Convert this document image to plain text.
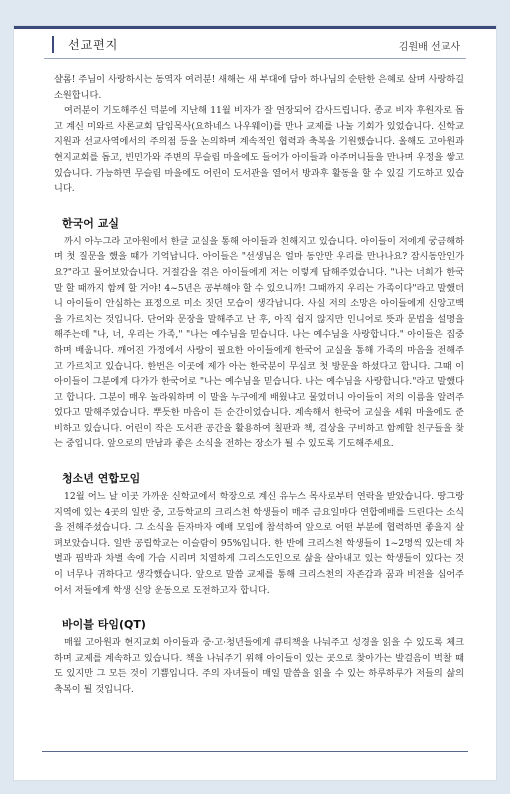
선교편지	김원배 선교사

샬롬! 주님이 사랑하시는 동역자 여러분! 새해는 새 부대에 담아 하나님의 순탄한 은혜로 살며 사랑하길 소원합니다.

여러분이 기도해주신 덕분에 지난해 11월 비자가 잘 연장되어 감사드립니다. 종교 비자 후원자로 돕고 계신 미와르 사론교회 담임목사(요하네스 나우웨이)를 만나 교제를 나눌 기회가 있었습니다. 신학교 지원과 선교사역에서의 주의점 등을 논의하며 계속적인 협력과 축복을 기원했습니다. 올해도 고아원과 현지교회를 돕고, 빈민가와 주변의 무슬림 마을에도 들어가 아이들과 아주머니들을 만나며 우정을 쌓고 있습니다. 가능하면 무슬림 마을에도 어린이 도서관을 열어서 방과후 활동을 할 수 있길 기도하고 있습니다.

한국어 교실

까시 아누그라 고아원에서 한글 교실을 통해 아이들과 친해지고 있습니다. 아이들이 저에게 궁금해하며 첫 질문을 했을 때가 기억납니다. 아이들은 "선생님은 얼마 동안만 우리를 만나나요? 잠시동안인가요?"라고 물어보았습니다. 거절감을 겪은 아이들에게 저는 이렇게 답해주었습니다. "나는 너희가 한국말 할 때까지 함께 할 거야! 4~5년은 공부해야 할 수 있으니까! 그때까지 우리는 가족이다"라고 말했더니 아이들이 안심하는 표정으로 미소 짓던 모습이 생각납니다. 사실 저의 소망은 아이들에게 신앙고백을 가르치는 것입니다. 단어와 문장을 말해주고 난 후, 아직 쉽지 않지만 인니어로 뜻과 문법을 설명을 해주는데 "나, 너, 우리는 가족," "나는 예수님을 믿습니다. 나는 예수님을 사랑합니다." 아이들은 집중하며 배웁니다. 깨어진 가정에서 사랑이 필요한 아이들에게 한국어 교실을 통해 가족의 마음을 전해주고 가르치고 있습니다. 한번은 이곳에 제가 아는 한국분이 무심코 첫 방문을 하셨다고 합니다. 그때 이 아이들이 그분에게 다가가 한국어로 "나는 예수님을 믿습니다. 나는 예수님을 사랑합니다."라고 말했다고 합니다. 그분이 매우 놀라워하며 이 말을 누구에게 배웠냐고 물었더니 아이들이 저의 이름을 알려주었다고 말해주었습니다. 뿌듯한 마음이 든 순간이었습니다. 계속해서 한국어 교실을 세워 마을에도 준비하고 있습니다. 어린이 작은 도서관 공간을 활용하여 칠판과 책, 걸상을 구비하고 함께할 친구들을 찾는 중입니다. 앞으로의 만남과 좋은 소식을 전하는 장소가 될 수 있도록 기도해주세요.

청소년 연합모임

12월 어느 날 이곳 가까운 신학교에서 학장으로 계신 유누스 목사로부터 연락을 받았습니다. 땅그랑 지역에 있는 4곳의 일반 중, 고등학교의 크리스천 학생들이 매주 금요일마다 연합예배를 드린다는 소식을 전해주셨습니다. 그 소식을 듣자마자 예배 모임에 참석하여 앞으로 어떤 부분에 협력하면 좋을지 살펴보았습니다. 일반 공립학교는 이슬람이 95%입니다. 한 반에 크리스천 학생들이 1~2명씩 있는데 차별과 핍박과 차별 속에 가슴 시리며 치열하게 그리스도인으로 삶을 살아내고 있는 학생들이 있다는 것이 너무나 귀하다고 생각했습니다. 앞으로 말씀 교제를 통해 크리스천의 자존감과 꿈과 비전을 심어주어서 저들에게 학생 신앙 운동으로 도전하고자 합니다.

바이블 타임(QT)

매월 고아원과 현지교회 아이들과 중·고·청년들에게 큐티책을 나눠주고 성경을 읽을 수 있도록 체크하며 교제를 계속하고 있습니다. 책을 나눠주기 위해 아이들이 있는 곳으로 찾아가는 발걸음이 벅찰 때도 있지만 그 모든 것이 기쁨입니다. 주의 자녀들이 매일 말씀을 읽을 수 있는 하루하루가 저들의 삶의 축복이 될 것입니다.
